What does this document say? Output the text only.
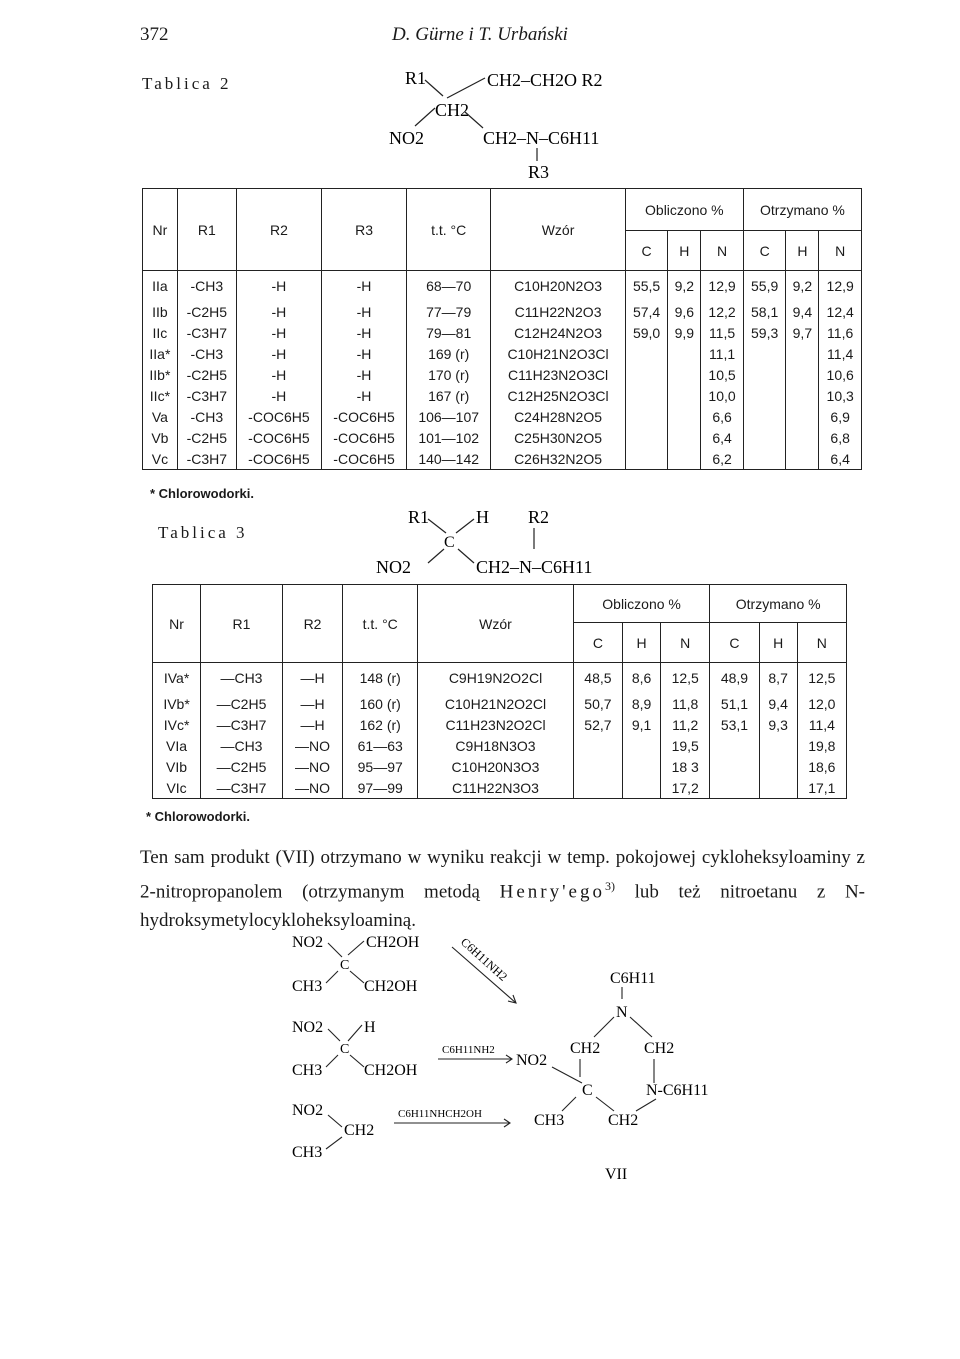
372	D. Gürne i T. Urbański
Tablica 2	R1	CH2–CH2O R2
CH2
NO2	CH2–N–C6H11
R3
Nr	R1	R2	R3	t.t. °C	Wzór	Obliczono %			Otrzymano %		
						C	H	N	C	H	N
IIa	-CH3	-H	-H	68—70	C10H20N2O3	55,5	9,2	12,9	55,9	9,2	12,9
IIb	-C2H5	-H	-H	77—79	C11H22N2O3	57,4	9,6	12,2	58,1	9,4	12,4
IIc	-C3H7	-H	-H	79—81	C12H24N2O3	59,0	9,9	11,5	59,3	9,7	11,6
IIa*	-CH3	-H	-H	169 (r)	C10H21N2O3Cl			11,1			11,4
IIb*	-C2H5	-H	-H	170 (r)	C11H23N2O3Cl			10,5			10,6
IIc*	-C3H7	-H	-H	167 (r)	C12H25N2O3Cl			10,0			10,3
Va	-CH3	-COC6H5	-COC6H5	106—107	C24H28N2O5			6,6			6,9
Vb	-C2H5	-COC6H5	-COC6H5	101—102	C25H30N2O5			6,4			6,8
Vc	-C3H7	-COC6H5	-COC6H5	140—142	C26H32N2O5			6,2			6,4
* Chlorowodorki.
Tablica 3
R1	H R2
C
NO2	CH2–N–C6H11
Nr	R1	R2	t.t. °C	Wzór	Obliczono %			Otrzymano %		
					C	H	N	C	H	N
IVa*	—CH3	—H	148 (r)	C9H19N2O2Cl	48,5	8,6	12,5	48,9	8,7	12,5
IVb*	—C2H5	—H	160 (r)	C10H21N2O2Cl	50,7	8,9	11,8	51,1	9,4	12,0
IVc*	—C3H7	—H	162 (r)	C11H23N2O2Cl	52,7	9,1	11,2	53,1	9,3	11,4
VIa	—CH3	—NO	61—63	C9H18N3O3			19,5			19,8
VIb	—C2H5	—NO	95—97	C10H20N3O3			18 3			18,6
VIc	—C3H7	—NO	97—99	C11H22N3O3			17,2			17,1
* Chlorowodorki.
Ten sam produkt (VII) otrzymano w wyniku reakcji w temp. pokojowej cykloheksyloaminy z 2-nitropropanolem (otrzymanym metodą Henry'ego$^{3)}$ lub też nitroetanu z N-hydroksymetylocykloheksyloaminą.
NO2	CH2OH
C
CH3	CH2OH
C6H11NH2
NO2	H
C
CH3	CH2OH
C6H11NH2
NO2
CH2
CH3
C6H11NHCH2OH
C6H11
N
CH2	CH2
NO2
C	N-C6H11
CH3	CH2
VII
